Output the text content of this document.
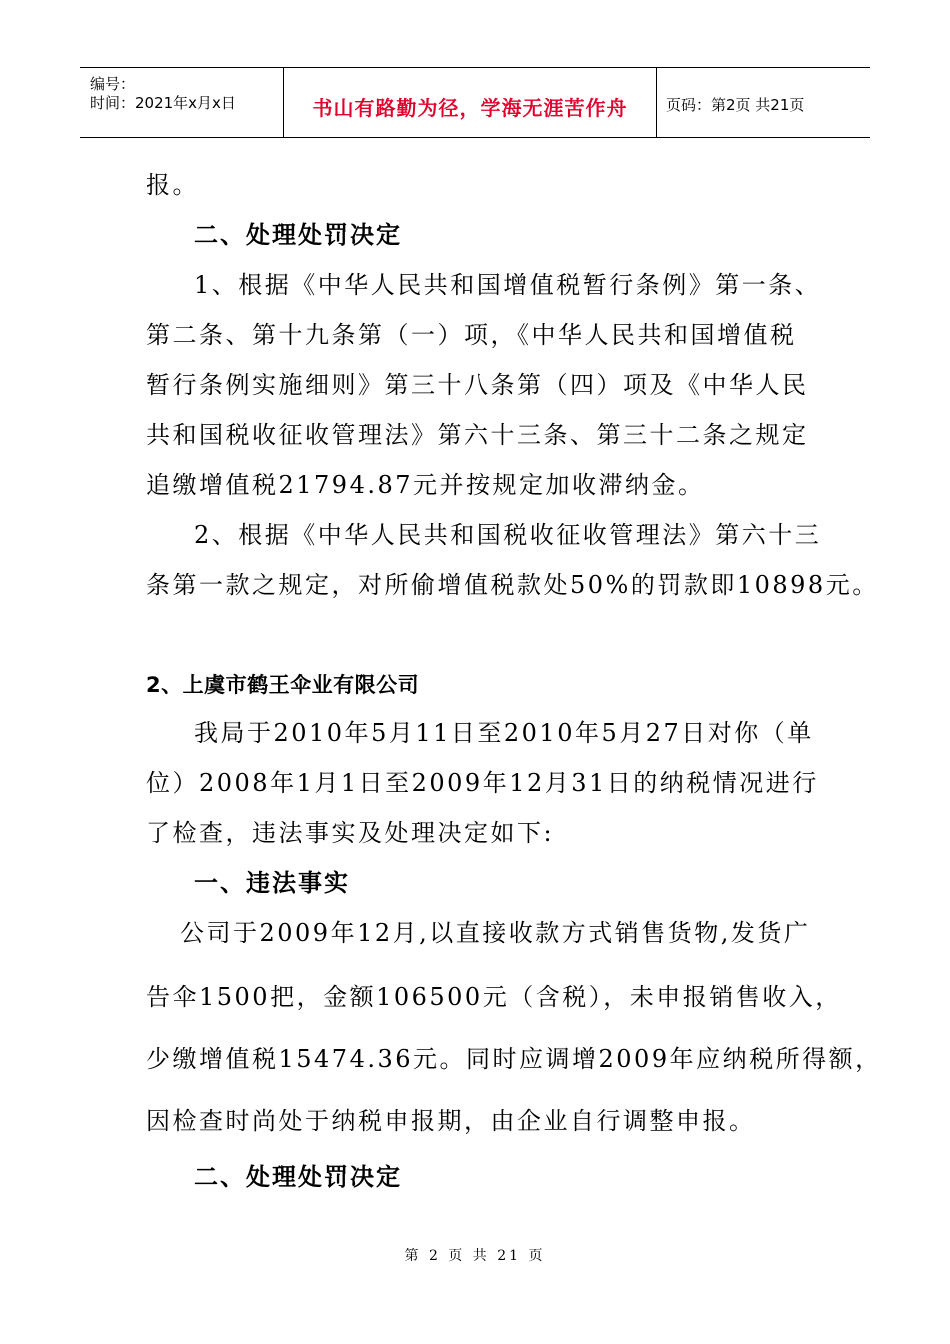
编号：
时间：2021年x月x日	书山有路勤为径，学海无涯苦作舟	页码：第2页 共21页
报。
二、处理处罚决定
1、根据《中华人民共和国增值税暂行条例》第一条、
第二条、第十九条第（一）项，《中华人民共和国增值税
暂行条例实施细则》第三十八条第（四）项及《中华人民
共和国税收征收管理法》第六十三条、第三十二条之规定
追缴增值税21794.87元并按规定加收滞纳金。
2、根据《中华人民共和国税收征收管理法》第六十三
条第一款之规定，对所偷增值税款处50%的罚款即10898元。
2、上虞市鹤王伞业有限公司
我局于2010年5月11日至2010年5月27日对你（单
位）2008年1月1日至2009年12月31日的纳税情况进行
了检查，违法事实及处理决定如下:
一、违法事实
公司于2009年12月,以直接收款方式销售货物,发货广
告伞1500把，金额106500元（含税），未申报销售收入，
少缴增值税15474.36元。同时应调增2009年应纳税所得额，
因检查时尚处于纳税申报期，由企业自行调整申报。
二、处理处罚决定
第 2 页 共 21 页
